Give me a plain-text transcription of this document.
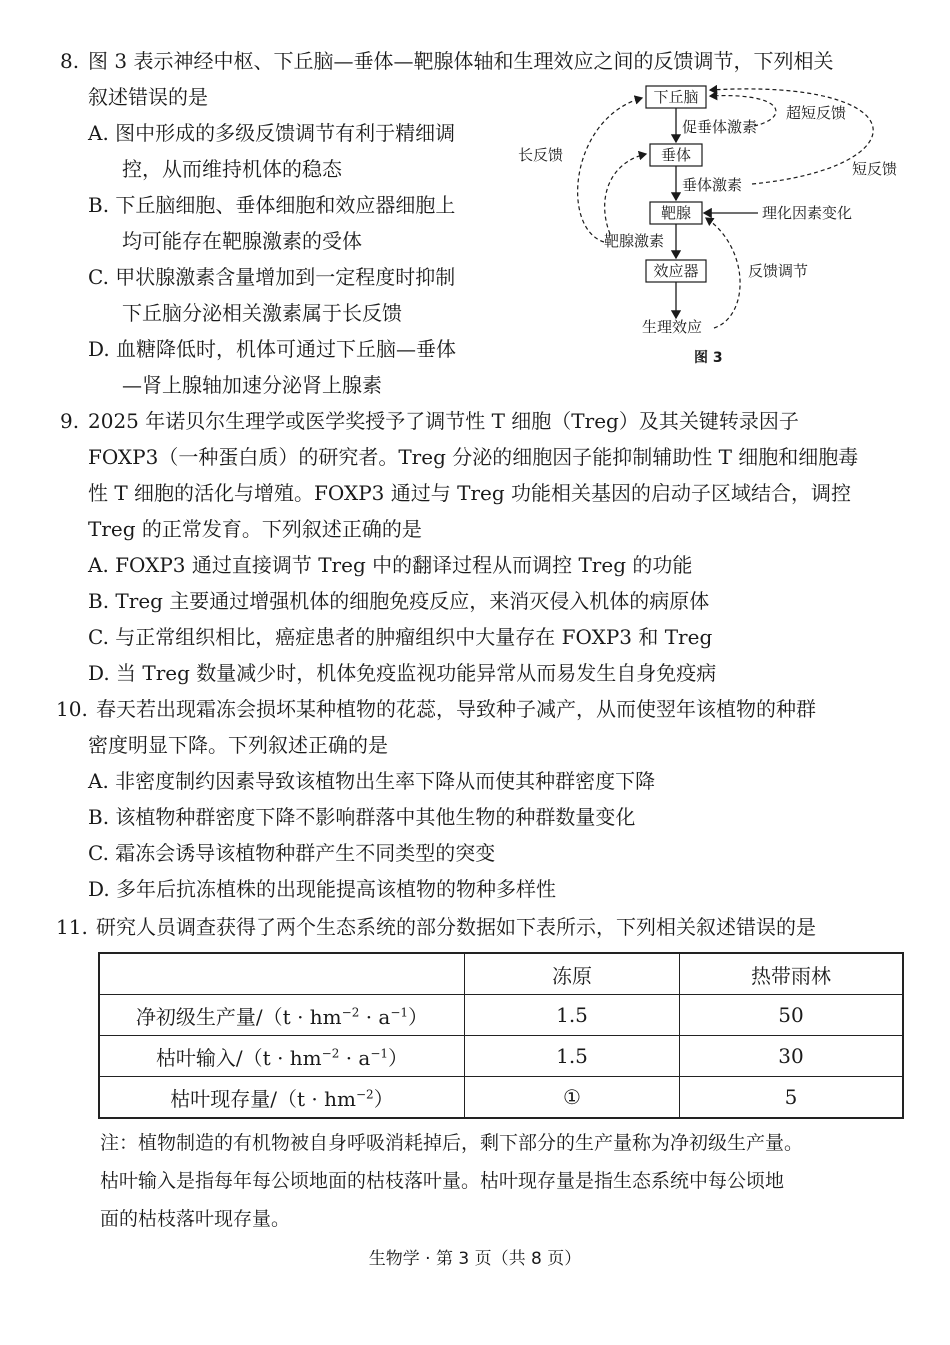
8. 图 3 表示神经中枢、下丘脑—垂体—靶腺体轴和生理效应之间的反馈调节，下列相关
叙述错误的是
A. 图中形成的多级反馈调节有利于精细调
控，从而维持机体的稳态
B. 下丘脑细胞、垂体细胞和效应器细胞上
均可能存在靶腺激素的受体
C. 甲状腺激素含量增加到一定程度时抑制
下丘脑分泌相关激素属于长反馈
D. 血糖降低时，机体可通过下丘脑—垂体
—肾上腺轴加速分泌肾上腺素
下丘脑
垂体
靶腺
效应器
促垂体激素
垂体激素
靶腺激素
生理效应
理化因素变化
超短反馈
短反馈
长反馈
反馈调节
图 3
9. 2025 年诺贝尔生理学或医学奖授予了调节性 T 细胞（Treg）及其关键转录因子
FOXP3（一种蛋白质）的研究者。Treg 分泌的细胞因子能抑制辅助性 T 细胞和细胞毒
性 T 细胞的活化与增殖。FOXP3 通过与 Treg 功能相关基因的启动子区域结合，调控
Treg 的正常发育。下列叙述正确的是
A. FOXP3 通过直接调节 Treg 中的翻译过程从而调控 Treg 的功能
B. Treg 主要通过增强机体的细胞免疫反应，来消灭侵入机体的病原体
C. 与正常组织相比，癌症患者的肿瘤组织中大量存在 FOXP3 和 Treg
D. 当 Treg 数量减少时，机体免疫监视功能异常从而易发生自身免疫病
10. 春天若出现霜冻会损坏某种植物的花蕊，导致种子减产，从而使翌年该植物的种群
密度明显下降。下列叙述正确的是
A. 非密度制约因素导致该植物出生率下降从而使其种群密度下降
B. 该植物种群密度下降不影响群落中其他生物的种群数量变化
C. 霜冻会诱导该植物种群产生不同类型的突变
D. 多年后抗冻植株的出现能提高该植物的物种多样性
11. 研究人员调查获得了两个生态系统的部分数据如下表所示，下列相关叙述错误的是
	冻原	热带雨林
净初级生产量$/(t \cdot hm^{-2} \cdot a^{-1})$	1.5	50
枯叶输入$/(t \cdot hm^{-2} \cdot a^{-1})$	1.5	30
枯叶现存量$/(t \cdot hm^{-2})$	①	5
注：植物制造的有机物被自身呼吸消耗掉后，剩下部分的生产量称为净初级生产量。
枯叶输入是指每年每公顷地面的枯枝落叶量。枯叶现存量是指生态系统中每公顷地
面的枯枝落叶现存量。
生物学 · 第 3 页（共 8 页）
